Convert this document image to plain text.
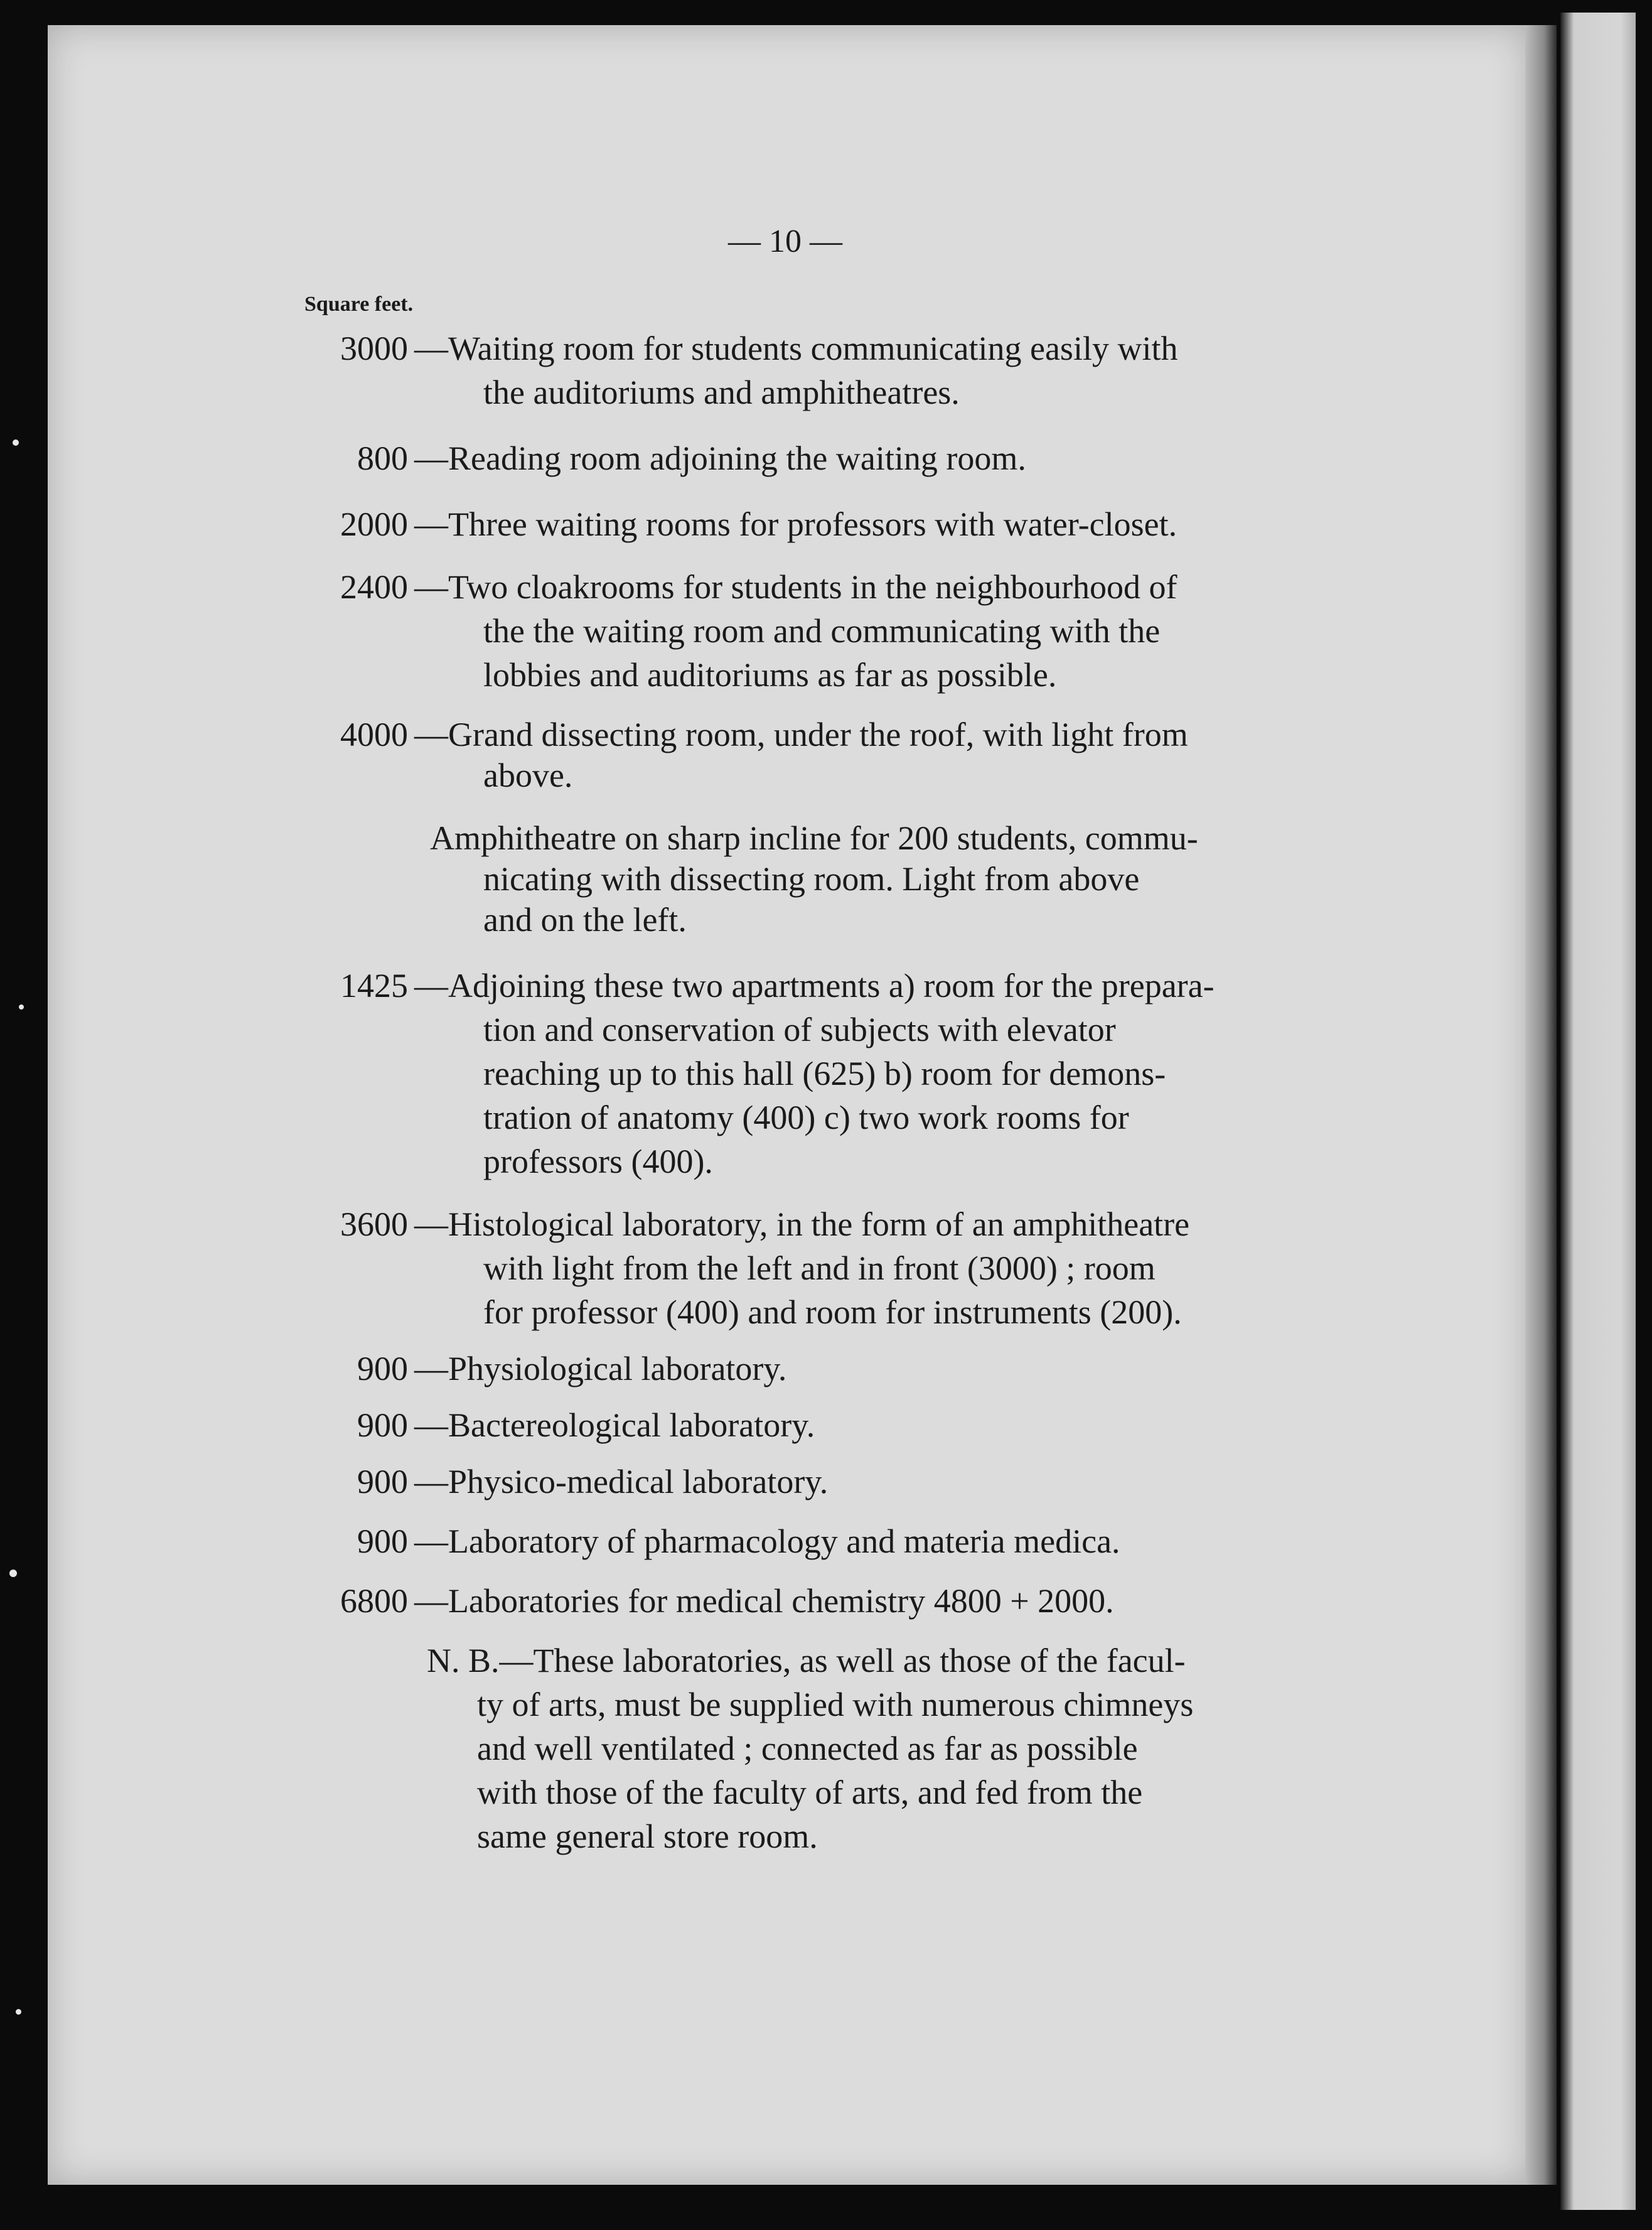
— 10 —
Square feet.
3000 —Waiting room for students communicating easily with
the auditoriums and amphitheatres.
800 —Reading room adjoining the waiting room.
2000 —Three waiting rooms for professors with water-closet.
2400 —Two cloakrooms for students in the neighbourhood of
the the waiting room and communicating with the
lobbies and auditoriums as far as possible.
4000 —Grand dissecting room, under the roof, with light from
above.
Amphitheatre on sharp incline for 200 students, commu-
nicating with dissecting room. Light from above
and on the left.
1425 —Adjoining these two apartments a) room for the prepara-
tion and conservation of subjects with elevator
reaching up to this hall (625) b) room for demons-
tration of anatomy (400) c) two work rooms for
professors (400).
3600 —Histological laboratory, in the form of an amphitheatre
with light from the left and in front (3000) ; room
for professor (400) and room for instruments (200).
900 —Physiological laboratory.
900 —Bactereological laboratory.
900 —Physico-medical laboratory.
900 —Laboratory of pharmacology and materia medica.
6800 —Laboratories for medical chemistry 4800 + 2000.
N. B.—These laboratories, as well as those of the facul-
ty of arts, must be supplied with numerous chimneys
and well ventilated ; connected as far as possible
with those of the faculty of arts, and fed from the
same general store room.
